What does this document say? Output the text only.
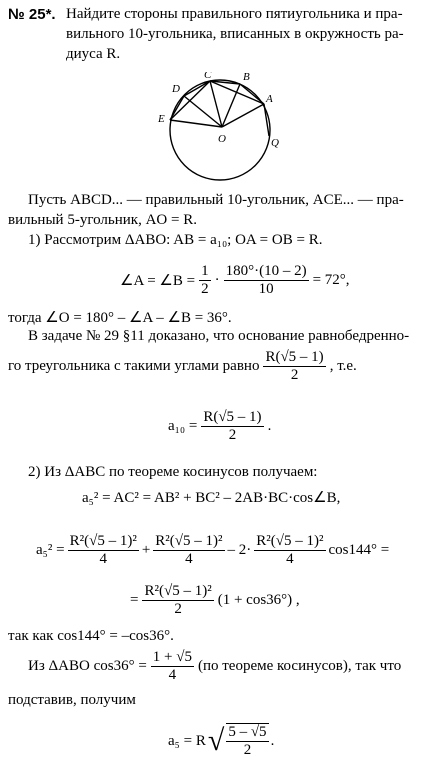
№ 25*. Найдите стороны правильного пятиугольника и пра-
вильного 10-угольника, вписанных в окружность ра-
диуса R.
D
C	B
A
E
O	Q
Пусть ABCD... — правильный 10-угольник, ACE... — пра-
вильный 5-угольник, AO = R.
1) Рассмотрим ΔABO: AB = a₁₀; OA = OB = R.
∠A = ∠B = $\frac{1}{2} \cdot \frac{180^\circ\cdot(10 - 2)}{10} = 72^\circ$,
тогда ∠O = 180° – ∠A – ∠B = 36°.
В задаче № 29 §11 доказано, что основание равнобедренно-
го треугольника с такими углами равно $\frac{R(√5 - 1)}{2}$ , т.е.
$a_{10} = \frac{R(√5 - 1)}{2}$ .
2) Из ΔABC по теореме косинусов получаем:
a₅² = AC² = AB² + BC² – 2AB·BC·cos∠B,
$a_5^2 = \frac{\text{R²(√5 – 1)²}}{4} + \frac{\text{R²(√5 – 1)²}}{4} - 2\cdot \frac{\text{R²(√5 – 1)²}}{4} \cos 144^\circ$ =
= $\frac{\text{R²(√5 – 1)²}}{2} (1 + \cos 36^\circ)$ ,
так как cos144° = –cos36°.
Из ΔABO $\cos 36^\circ = \frac{1 + √5}{4} (по$ теореме косинусов), так что
подставив, получим
a₅ = R √ $\frac{5 - √5}{2}$ .
